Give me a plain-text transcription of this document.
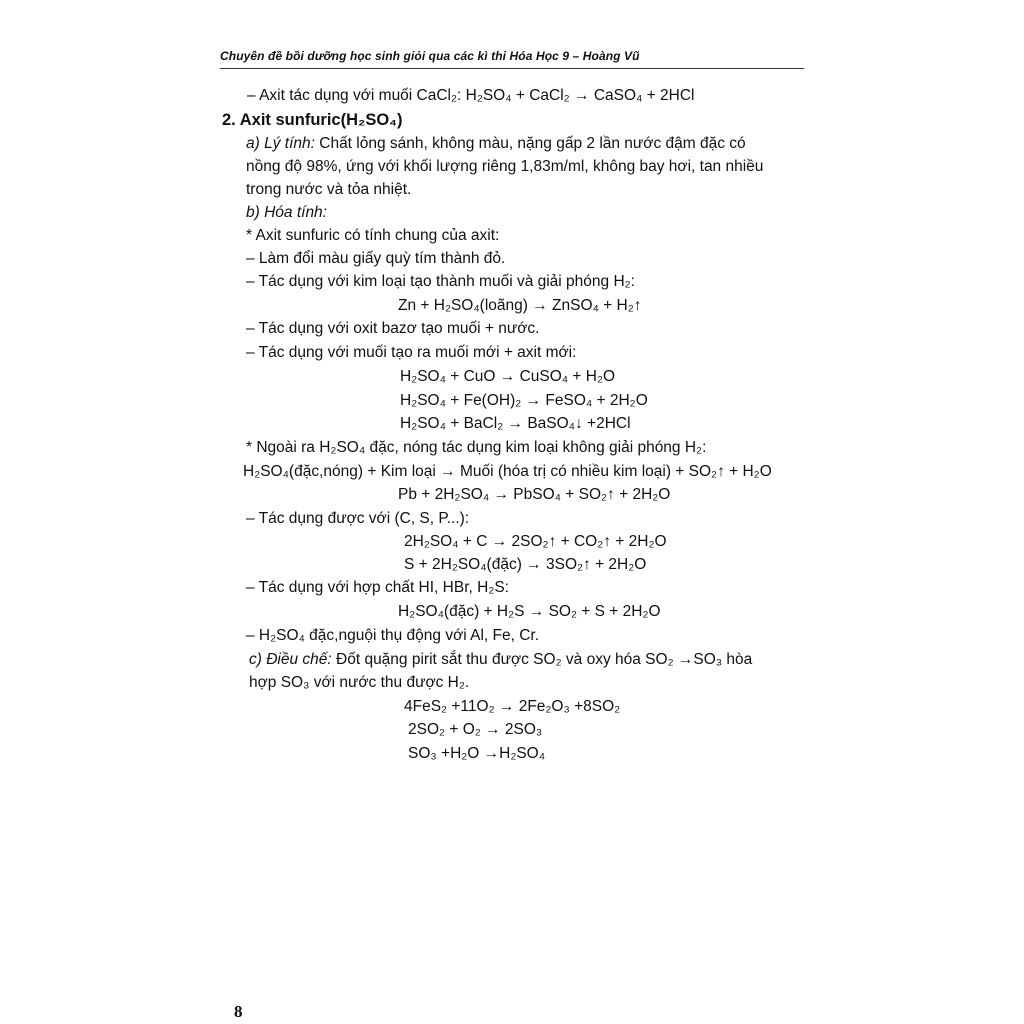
Chuyên đề bồi dưỡng học sinh giỏi qua các kì thi Hóa Học 9 – Hoàng Vũ
– Axit tác dụng với muối CaCl₂: H₂SO₄ + CaCl₂ → CaSO₄ + 2HCl
2. Axit sunfuric(H₂SO₄)
a) Lý tính: Chất lỏng sánh, không màu, nặng gấp 2 lần nước đậm đặc có
nồng độ 98%, ứng với khối lượng riêng 1,83m/ml, không bay hơi, tan nhiều
trong nước và tỏa nhiệt.
b) Hóa tính:
* Axit sunfuric có tính chung của axit:
– Làm đổi màu giấy quỳ tím thành đỏ.
– Tác dụng với kim loại tạo thành muối và giải phóng H₂:
Zn + H₂SO₄(loãng) → ZnSO₄ + H₂↑
– Tác dụng với oxit bazơ tạo muối + nước.
– Tác dụng với muối tạo ra muối mới + axit mới:
H₂SO₄ + CuO → CuSO₄ + H₂O
H₂SO₄ + Fe(OH)₂ → FeSO₄ + 2H₂O
H₂SO₄ + BaCl₂ → BaSO₄↓ +2HCl
* Ngoài ra H₂SO₄ đặc, nóng tác dụng kim loại không giải phóng H₂:
H₂SO₄(đặc,nóng) + Kim loại → Muối (hóa trị có nhiều kim loại) + SO₂↑ + H₂O
Pb + 2H₂SO₄ → PbSO₄ + SO₂↑ + 2H₂O
– Tác dụng được với (C, S, P...):
2H₂SO₄ + C → 2SO₂↑ + CO₂↑ + 2H₂O
S + 2H₂SO₄(đặc) → 3SO₂↑ + 2H₂O
– Tác dụng với hợp chất HI, HBr, H₂S:
H₂SO₄(đặc) + H₂S → SO₂ + S + 2H₂O
– H₂SO₄ đặc,nguội thụ động với Al, Fe, Cr.
c) Điều chế: Đốt quặng pirit sắt thu được SO₂ và oxy hóa SO₂ →SO₃ hòa
hợp SO₃ với nước thu được H₂.
4FeS₂ +11O₂ → 2Fe₂O₃ +8SO₂
2SO₂ + O₂ → 2SO₃
SO₃ +H₂O →H₂SO₄
8
